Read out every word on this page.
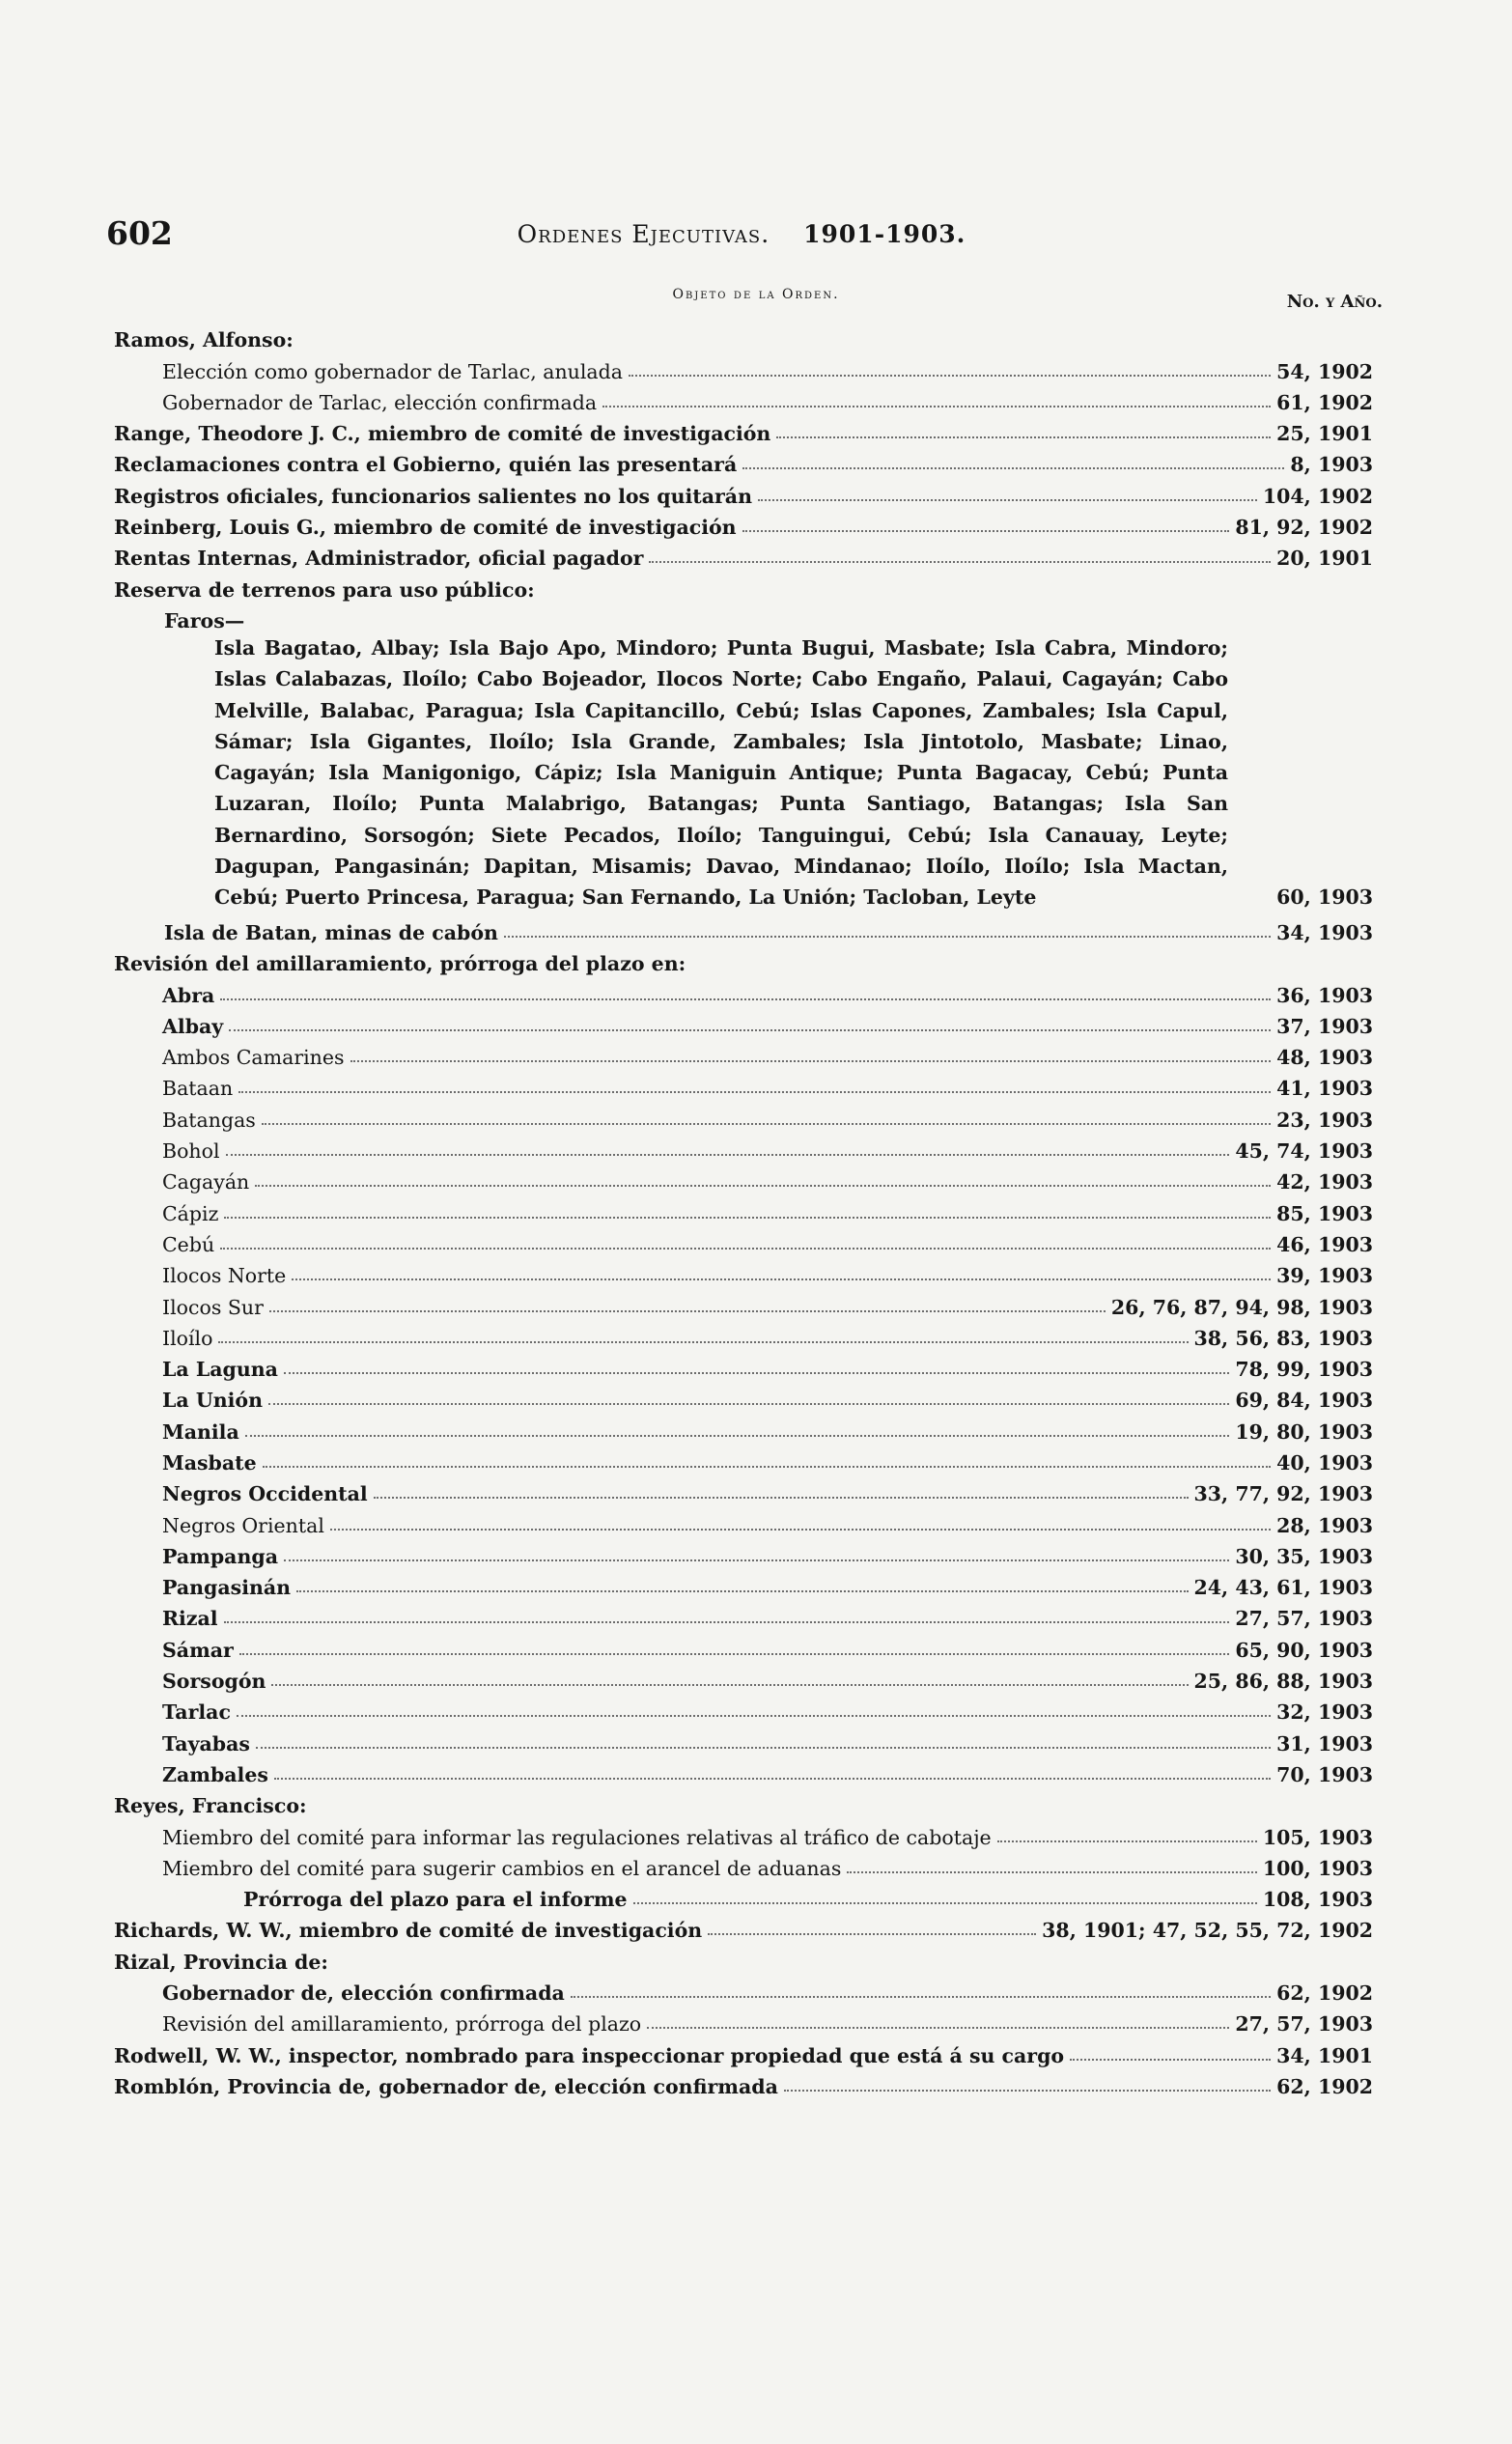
602	Ordenes Ejecutivas. 1901-1903.
Objeto de la Orden.	No. y Año.
Ramos, Alfonso:
Elección como gobernador de Tarlac, anulada	54, 1902
Gobernador de Tarlac, elección confirmada	61, 1902
Range, Theodore J. C., miembro de comité de investigación	25, 1901
Reclamaciones contra el Gobierno, quién las presentará	8, 1903
Registros oficiales, funcionarios salientes no los quitarán	104, 1902
Reinberg, Louis G., miembro de comité de investigación	81, 92, 1902
Rentas Internas, Administrador, oficial pagador	20, 1901
Reserva de terrenos para uso público:
Faros—
Isla Bagatao, Albay; Isla Bajo Apo, Mindoro; Punta Bugui, Masbate; Isla Cabra, Mindoro; Islas Calabazas, Iloílo; Cabo Bojeador, Ilocos Norte; Cabo Engaño, Palaui, Cagayán; Cabo Melville, Balabac, Paragua; Isla Capitancillo, Cebú; Islas Capones, Zambales; Isla Capul, Sámar; Isla Gigantes, Iloílo; Isla Grande, Zambales; Isla Jintotolo, Masbate; Linao, Cagayán; Isla Manigonigo, Cápiz; Isla Maniguin Antique; Punta Bagacay, Cebú; Punta Luzaran, Iloílo; Punta Malabrigo, Batangas; Punta Santiago, Batangas; Isla San Bernardino, Sorsogón; Siete Pecados, Iloílo; Tanguingui, Cebú; Isla Canauay, Leyte; Dagupan, Pangasinán; Dapitan, Misamis; Davao, Mindanao; Iloílo, Iloílo; Isla Mactan, Cebú; Puerto Princesa, Paragua; San Fernando, La Unión; Tacloban, Leyte	60, 1903
Isla de Batan, minas de cabón	34, 1903
Revisión del amillaramiento, prórroga del plazo en:
Abra	36, 1903
Albay	37, 1903
Ambos Camarines	48, 1903
Bataan	41, 1903
Batangas	23, 1903
Bohol	45, 74, 1903
Cagayán	42, 1903
Cápiz	85, 1903
Cebú	46, 1903
Ilocos Norte	39, 1903
Ilocos Sur	26, 76, 87, 94, 98, 1903
Iloílo	38, 56, 83, 1903
La Laguna	78, 99, 1903
La Unión	69, 84, 1903
Manila	19, 80, 1903
Masbate	40, 1903
Negros Occidental	33, 77, 92, 1903
Negros Oriental	28, 1903
Pampanga	30, 35, 1903
Pangasinán	24, 43, 61, 1903
Rizal	27, 57, 1903
Sámar	65, 90, 1903
Sorsogón	25, 86, 88, 1903
Tarlac	32, 1903
Tayabas	31, 1903
Zambales	70, 1903
Reyes, Francisco:
Miembro del comité para informar las regulaciones relativas al tráfico de cabotaje	105, 1903
Miembro del comité para sugerir cambios en el arancel de aduanas	100, 1903
Prórroga del plazo para el informe	108, 1903
Richards, W. W., miembro de comité de investigación	38, 1901; 47, 52, 55, 72, 1902
Rizal, Provincia de:
Gobernador de, elección confirmada	62, 1902
Revisión del amillaramiento, prórroga del plazo	27, 57, 1903
Rodwell, W. W., inspector, nombrado para inspeccionar propiedad que está á su cargo	34, 1901
Romblón, Provincia de, gobernador de, elección confirmada	62, 1902
